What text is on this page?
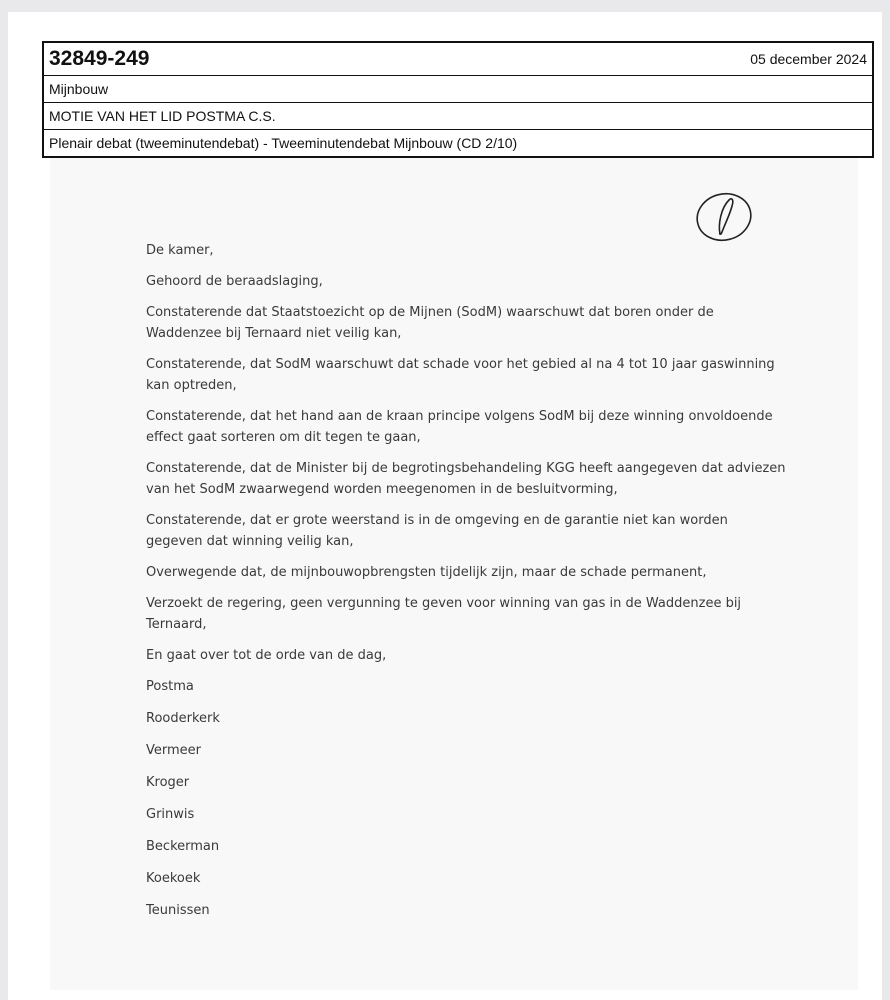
32849-249	05 december 2024

Mijnbouw
MOTIE VAN HET LID POSTMA C.S.
Plenair debat (tweeminutendebat) - Tweeminutendebat Mijnbouw (CD 2/10)

De kamer,

Gehoord de beraadslaging,

Constaterende dat Staatstoezicht op de Mijnen (SodM) waarschuwt dat boren onder de Waddenzee bij Ternaard niet veilig kan,

Constaterende, dat SodM waarschuwt dat schade voor het gebied al na 4 tot 10 jaar gaswinning kan optreden,

Constaterende, dat het hand aan de kraan principe volgens SodM bij deze winning onvoldoende effect gaat sorteren om dit tegen te gaan,

Constaterende, dat de Minister bij de begrotingsbehandeling KGG heeft aangegeven dat adviezen van het SodM zwaarwegend worden meegenomen in de besluitvorming,

Constaterende, dat er grote weerstand is in de omgeving en de garantie niet kan worden gegeven dat winning veilig kan,

Overwegende dat, de mijnbouwopbrengsten tijdelijk zijn, maar de schade permanent,

Verzoekt de regering, geen vergunning te geven voor winning van gas in de Waddenzee bij Ternaard,

En gaat over tot de orde van de dag,

Postma

Rooderkerk

Vermeer

Kroger

Grinwis

Beckerman

Koekoek

Teunissen
